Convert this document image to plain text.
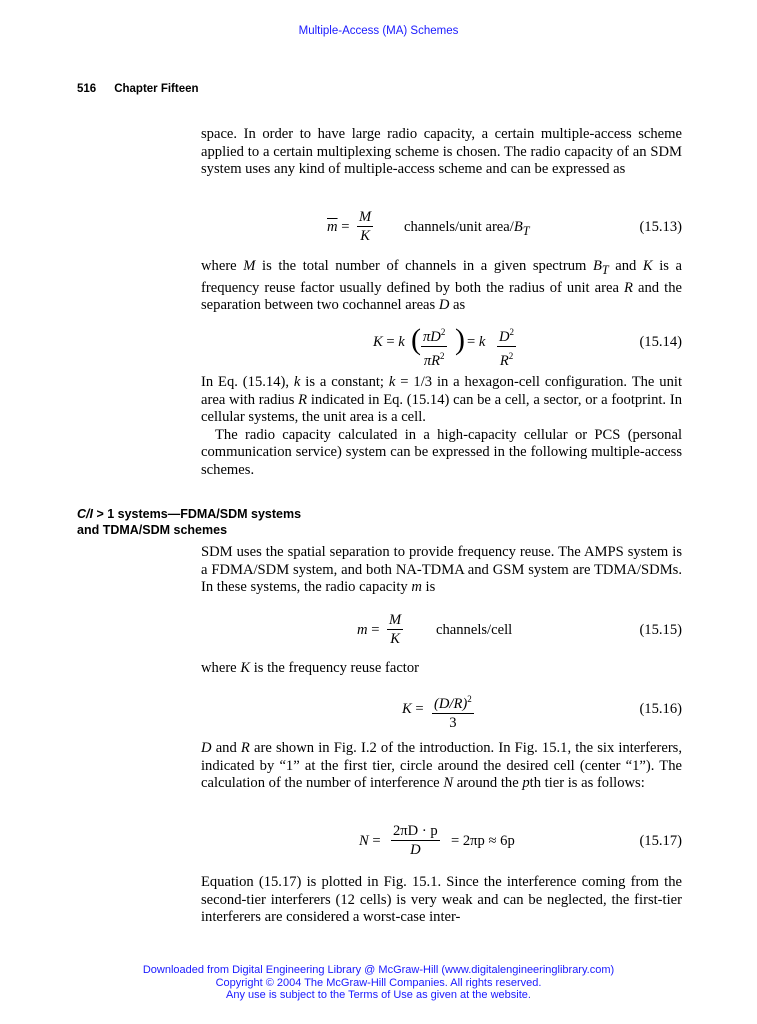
Multiple-Access (MA) Schemes
516 Chapter Fifteen

space. In order to have large radio capacity, a certain multiple-access scheme applied to a certain multiplexing scheme is chosen. The radio capacity of an SDM system uses any kind of multiple-access scheme and can be expressed as

$\overline{m} = \frac{M}{K}$ channels/unit area/$B_T$	(15.13)

where M is the total number of channels in a given spectrum $B_T$ and K is a frequency reuse factor usually defined by both the radius of unit area R and the separation between two cochannel areas D as

K = k ( $\frac{\pi D^2}{\pi R^2}$ ) = k $\frac{D^2}{R^2}$	(15.14)

In Eq. (15.14), k is a constant; k = 1/3 in a hexagon-cell configuration. The unit area with radius R indicated in Eq. (15.14) can be a cell, a sector, or a footprint. In cellular systems, the unit area is a cell.

The radio capacity calculated in a high-capacity cellular or PCS (personal communication service) system can be expressed in the following multiple-access schemes.

C/I > 1 systems—FDMA/SDM systems
and TDMA/SDM schemes

SDM uses the spatial separation to provide frequency reuse. The AMPS system is a FDMA/SDM system, and both NA-TDMA and GSM system are TDMA/SDMs. In these systems, the radio capacity m is

$m = \frac{M}{K}$ channels/cell	(15.15)

where K is the frequency reuse factor

$K = \frac{(D/R)^2}{3}$	(15.16)

D and R are shown in Fig. I.2 of the introduction. In Fig. 15.1, the six interferers, indicated by “1” at the first tier, circle around the desired cell (center “1”). The calculation of the number of interference N around the pth tier is as follows:

$N = \frac{2\pi D \cdot p}{D} = 2\pi p \approx 6p$	(15.17)

Equation (15.17) is plotted in Fig. 15.1. Since the interference coming from the second-tier interferers (12 cells) is very weak and can be neglected, the first-tier interferers are considered a worst-case inter-

Downloaded from Digital Engineering Library @ McGraw-Hill (www.digitalengineeringlibrary.com)
Copyright © 2004 The McGraw-Hill Companies. All rights reserved.
Any use is subject to the Terms of Use as given at the website.
